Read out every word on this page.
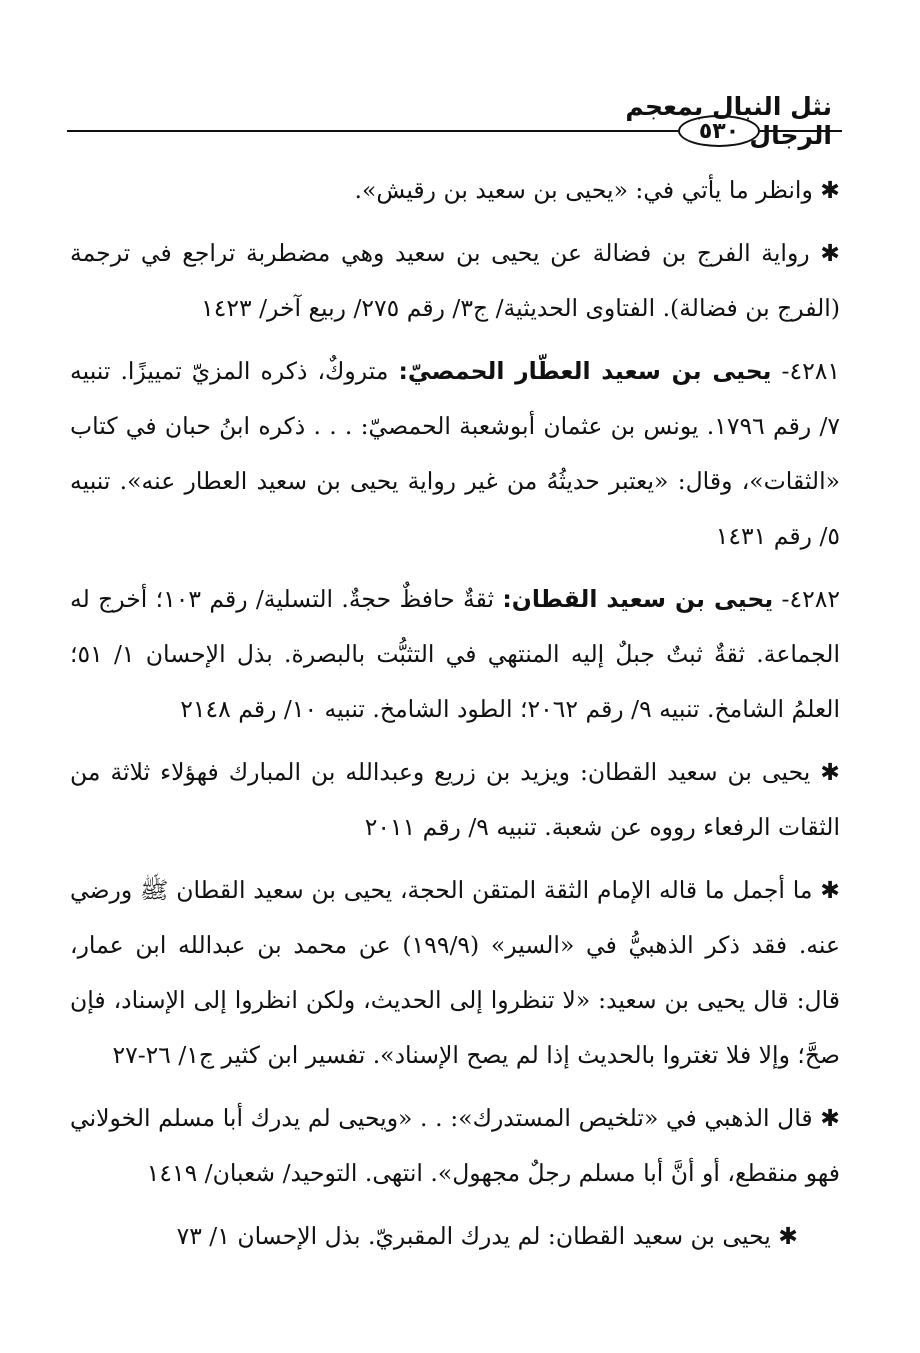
نثل النبال بمعجم الرجال
٥٣٠

✱ وانظر ما يأتي في: «يحيى بن سعيد بن رقيش».

✱ رواية الفرج بن فضالة عن يحيى بن سعيد وهي مضطربة تراجع في ترجمة (الفرج بن فضالة). الفتاوى الحديثية/ ج٣/ رقم ٢٧٥/ ربيع آخر/ ١٤٢٣

٤٢٨١- يحيى بن سعيد العطّار الحمصيّ: متروكٌ، ذكره المزيّ تمييزًا. تنبيه ٧/ رقم ١٧٩٦. يونس بن عثمان أبوشعبة الحمصيّ: . . . ذكره ابنُ حبان في كتاب «الثقات»، وقال: «يعتبر حديثُهُ من غير رواية يحيى بن سعيد العطار عنه». تنبيه ٥/ رقم ١٤٣١

٤٢٨٢- يحيى بن سعيد القطان: ثقةٌ حافظٌ حجةٌ. التسلية/ رقم ١٠٣؛ أخرج له الجماعة. ثقةٌ ثبتٌ جبلٌ إليه المنتهي في التثبُّت بالبصرة. بذل الإحسان ١/ ٥١؛ العلمُ الشامخ. تنبيه ٩/ رقم ٢٠٦٢؛ الطود الشامخ. تنبيه ١٠/ رقم ٢١٤٨

✱ يحيى بن سعيد القطان: ويزيد بن زريع وعبدالله بن المبارك فهؤلاء ثلاثة من الثقات الرفعاء رووه عن شعبة. تنبيه ٩/ رقم ٢٠١١

✱ ما أجمل ما قاله الإمام الثقة المتقن الحجة، يحيى بن سعيد القطان ﷺ ورضي عنه. فقد ذكر الذهبيُّ في «السير» (١٩٩/٩) عن محمد بن عبدالله ابن عمار، قال: قال يحيى بن سعيد: «لا تنظروا إلى الحديث، ولكن انظروا إلى الإسناد، فإن صحَّ؛ وإلا فلا تغتروا بالحديث إذا لم يصح الإسناد». تفسير ابن كثير ج١/ ٢٦-٢٧

✱ قال الذهبي في «تلخيص المستدرك»: . . «ويحيى لم يدرك أبا مسلم الخولاني فهو منقطع، أو أنَّ أبا مسلم رجلٌ مجهول». انتهى. التوحيد/ شعبان/ ١٤١٩

✱ يحيى بن سعيد القطان: لم يدرك المقبريّ. بذل الإحسان ١/ ٧٣
